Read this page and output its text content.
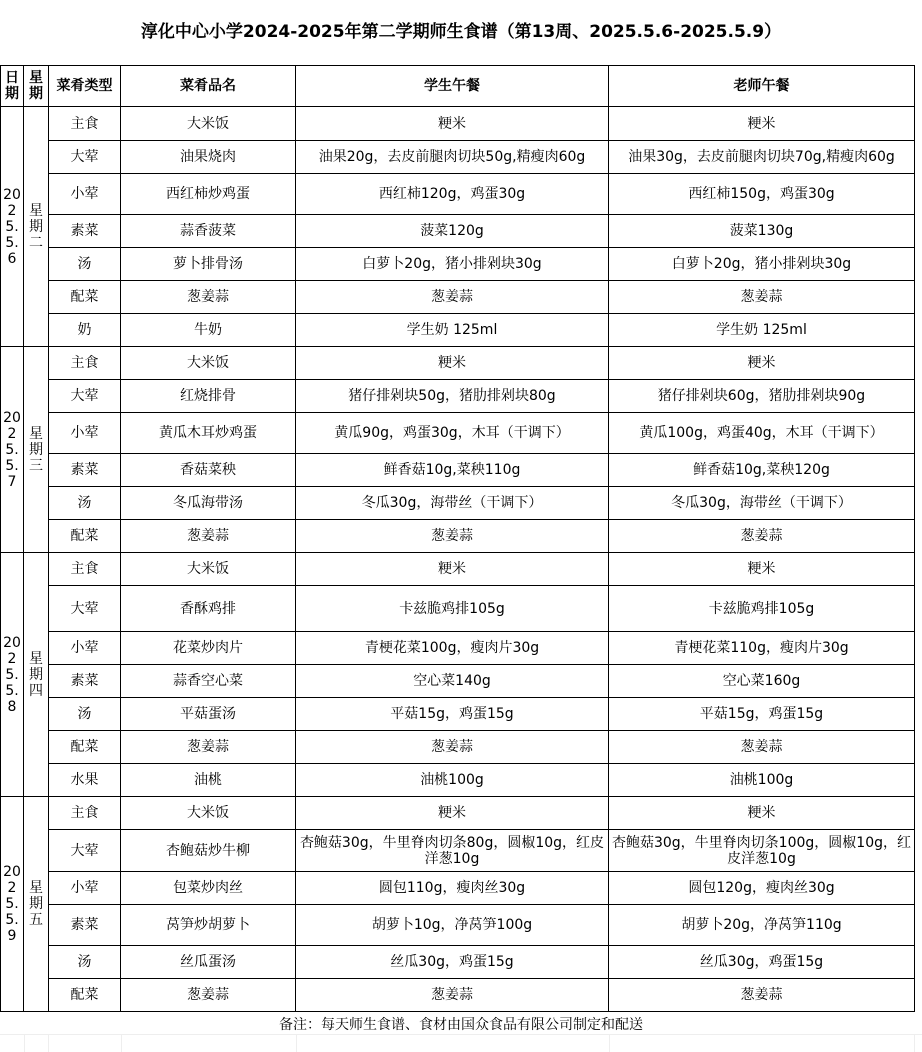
淳化中心小学2024-2025年第二学期师生食谱（第13周、2025.5.6-2025.5.9）
日期	星期	菜肴类型	菜肴品名	学生午餐	老师午餐
2025.5.6	星期二	主食	大米饭	粳米	粳米
		大荤	油果烧肉	油果20g，去皮前腿肉切块50g,精瘦肉60g	油果30g，去皮前腿肉切块70g,精瘦肉60g
		小荤	西红柿炒鸡蛋	西红柿120g，鸡蛋30g	西红柿150g，鸡蛋30g
		素菜	蒜香菠菜	菠菜120g	菠菜130g
		汤	萝卜排骨汤	白萝卜20g，猪小排剁块30g	白萝卜20g，猪小排剁块30g
		配菜	葱姜蒜	葱姜蒜	葱姜蒜
		奶	牛奶	学生奶 125ml	学生奶 125ml
2025.5.7	星期三	主食	大米饭	粳米	粳米
		大荤	红烧排骨	猪仔排剁块50g，猪肋排剁块80g	猪仔排剁块60g，猪肋排剁块90g
		小荤	黄瓜木耳炒鸡蛋	黄瓜90g，鸡蛋30g，木耳（干调下）	黄瓜100g，鸡蛋40g，木耳（干调下）
		素菜	香菇菜秧	鲜香菇10g,菜秧110g	鲜香菇10g,菜秧120g
		汤	冬瓜海带汤	冬瓜30g，海带丝（干调下）	冬瓜30g，海带丝（干调下）
		配菜	葱姜蒜	葱姜蒜	葱姜蒜
2025.5.8	星期四	主食	大米饭	粳米	粳米
		大荤	香酥鸡排	卡兹脆鸡排105g	卡兹脆鸡排105g
		小荤	花菜炒肉片	青梗花菜100g，瘦肉片30g	青梗花菜110g，瘦肉片30g
		素菜	蒜香空心菜	空心菜140g	空心菜160g
		汤	平菇蛋汤	平菇15g，鸡蛋15g	平菇15g，鸡蛋15g
		配菜	葱姜蒜	葱姜蒜	葱姜蒜
		水果	油桃	油桃100g	油桃100g
2025.5.9	星期五	主食	大米饭	粳米	粳米
		大荤	杏鲍菇炒牛柳	杏鲍菇30g，牛里脊肉切条80g，圆椒10g，红皮洋葱10g	杏鲍菇30g，牛里脊肉切条100g，圆椒10g，红皮洋葱10g
		小荤	包菜炒肉丝	圆包110g，瘦肉丝30g	圆包120g，瘦肉丝30g
		素菜	莴笋炒胡萝卜	胡萝卜10g，净莴笋100g	胡萝卜20g，净莴笋110g
		汤	丝瓜蛋汤	丝瓜30g，鸡蛋15g	丝瓜30g，鸡蛋15g
		配菜	葱姜蒜	葱姜蒜	葱姜蒜
备注：每天师生食谱、食材由国众食品有限公司制定和配送
